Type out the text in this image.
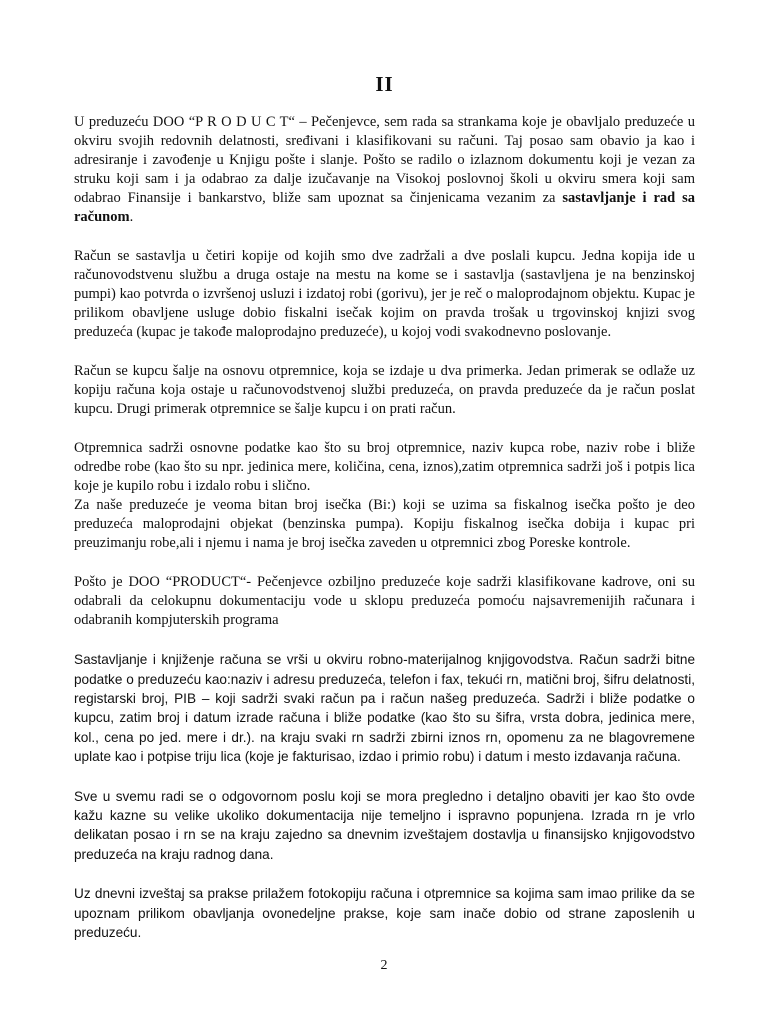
II

U preduzeću DOO “P R O D U C T“ – Pečenjevce, sem rada sa strankama koje je obavljalo preduzeće u okviru svojih redovnih delatnosti, sređivani i klasifikovani su računi. Taj posao sam obavio ja kao i adresiranje i zavođenje u Knjigu pošte i slanje. Pošto se radilo o izlaznom dokumentu koji je vezan za struku koji sam i ja odabrao za dalje izučavanje na Visokoj poslovnoj školi u okviru smera koji sam odabrao Finansije i bankarstvo, bliže sam upoznat sa činjenicama vezanim za sastavljanje i rad sa računom.

Račun se sastavlja u četiri kopije od kojih smo dve zadržali a dve poslali kupcu. Jedna kopija ide u računovodstvenu službu a druga ostaje na mestu na kome se i sastavlja (sastavljena je na benzinskoj pumpi) kao potvrda o izvršenoj usluzi i izdatoj robi (gorivu), jer je reč o maloprodajnom objektu. Kupac je prilikom obavljene usluge dobio fiskalni isečak kojim on pravda trošak u trgovinskoj knjizi svog preduzeća (kupac je takođe maloprodajno preduzeće), u kojoj vodi svakodnevno poslovanje.

Račun se kupcu šalje na osnovu otpremnice, koja se izdaje u dva primerka. Jedan primerak se odlaže uz kopiju računa koja ostaje u računovodstvenoj službi preduzeća, on pravda preduzeće da je račun poslat kupcu. Drugi primerak otpremnice se šalje kupcu i on prati račun.

Otpremnica sadrži osnovne podatke kao što su broj otpremnice, naziv kupca robe, naziv robe i bliže odredbe robe (kao što su npr. jedinica mere, količina, cena, iznos),zatim otpremnica sadrži još i potpis lica koje je kupilo robu i izdalo robu i slično.

Za naše preduzeće je veoma bitan broj isečka (Bi:) koji se uzima sa fiskalnog isečka pošto je deo preduzeća maloprodajni objekat (benzinska pumpa). Kopiju fiskalnog isečka dobija i kupac pri preuzimanju robe,ali i njemu i nama je broj isečka zaveden u otpremnici zbog Poreske kontrole.

Pošto je DOO “PRODUCT“- Pečenjevce ozbiljno preduzeće koje sadrži klasifikovane kadrove, oni su odabrali da celokupnu dokumentaciju vode u sklopu preduzeća pomoću najsavremenijih računara i odabranih kompjuterskih programa

Sastavljanje i knjiženje računa se vrši u okviru robno-materijalnog knjigovodstva. Račun sadrži bitne podatke o preduzeću kao:naziv i adresu preduzeća, telefon i fax, tekući rn, matični broj, šifru delatnosti, registarski broj, PIB – koji sadrži svaki račun pa i račun našeg preduzeća. Sadrži i bliže podatke o kupcu, zatim broj i datum izrade računa i bliže podatke (kao što su šifra, vrsta dobra, jedinica mere, kol., cena po jed. mere i dr.). na kraju svaki rn sadrži zbirni iznos rn, opomenu za ne blagovremene uplate kao i potpise triju lica (koje je fakturisao, izdao i primio robu) i datum i mesto izdavanja računa.

Sve u svemu radi se o odgovornom poslu koji se mora pregledno i detaljno obaviti jer kao što ovde kažu kazne su velike ukoliko dokumentacija nije temeljno i ispravno popunjena. Izrada rn je vrlo delikatan posao i rn se na kraju zajedno sa dnevnim izveštajem dostavlja u finansijsko knjigovodstvo preduzeća na kraju radnog dana.

Uz dnevni izveštaj sa prakse prilažem fotokopiju računa i otpremnice sa kojima sam imao prilike da se upoznam prilikom obavljanja ovonedeljne prakse, koje sam inače dobio od strane zaposlenih u preduzeću.

2
